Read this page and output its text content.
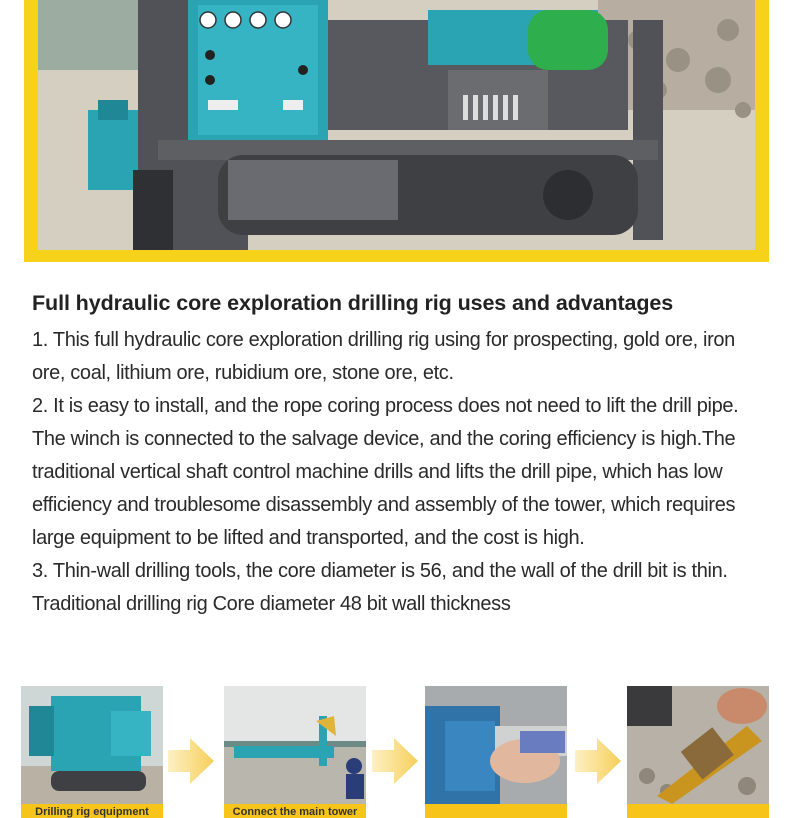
Full hydraulic core exploration drilling rig uses and advantages

1. This full hydraulic core exploration drilling rig using for prospecting, gold ore, iron ore, coal, lithium ore, rubidium ore, stone ore, etc.

2. It is easy to install, and the rope coring process does not need to lift the drill pipe. The winch is connected to the salvage device, and the coring efficiency is high.The traditional vertical shaft control machine drills and lifts the drill pipe, which has low efficiency and troublesome disassembly and assembly of the tower, which requires large equipment to be lifted and transported, and the cost is high.

3. Thin-wall drilling tools, the core diameter is 56, and the wall of the drill bit is thin. Traditional drilling rig Core diameter 48 bit wall thickness

Drilling rig equipment	Connect the main tower
